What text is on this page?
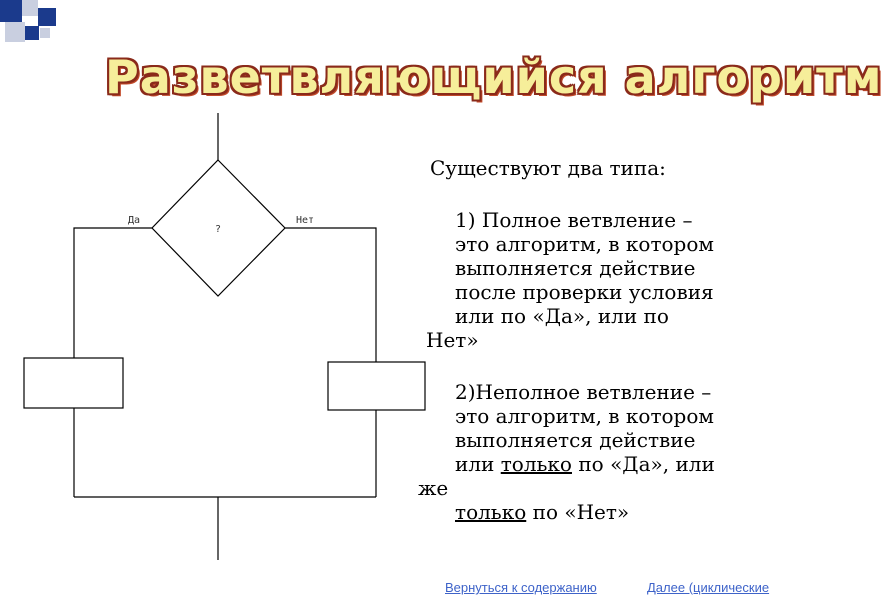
Разветвляющийся алгоритм
?
Да	Нет
Существуют два типа:
1) Полное ветвление –
это алгоритм, в котором
выполняется действие
после проверки условия
или по «Да», или по
Нет»
2)Неполное ветвление –
это алгоритм, в котором
выполняется действие
или только по «Да», или
же
только по «Нет»
Вернуться к содержанию	Далее (циклические
